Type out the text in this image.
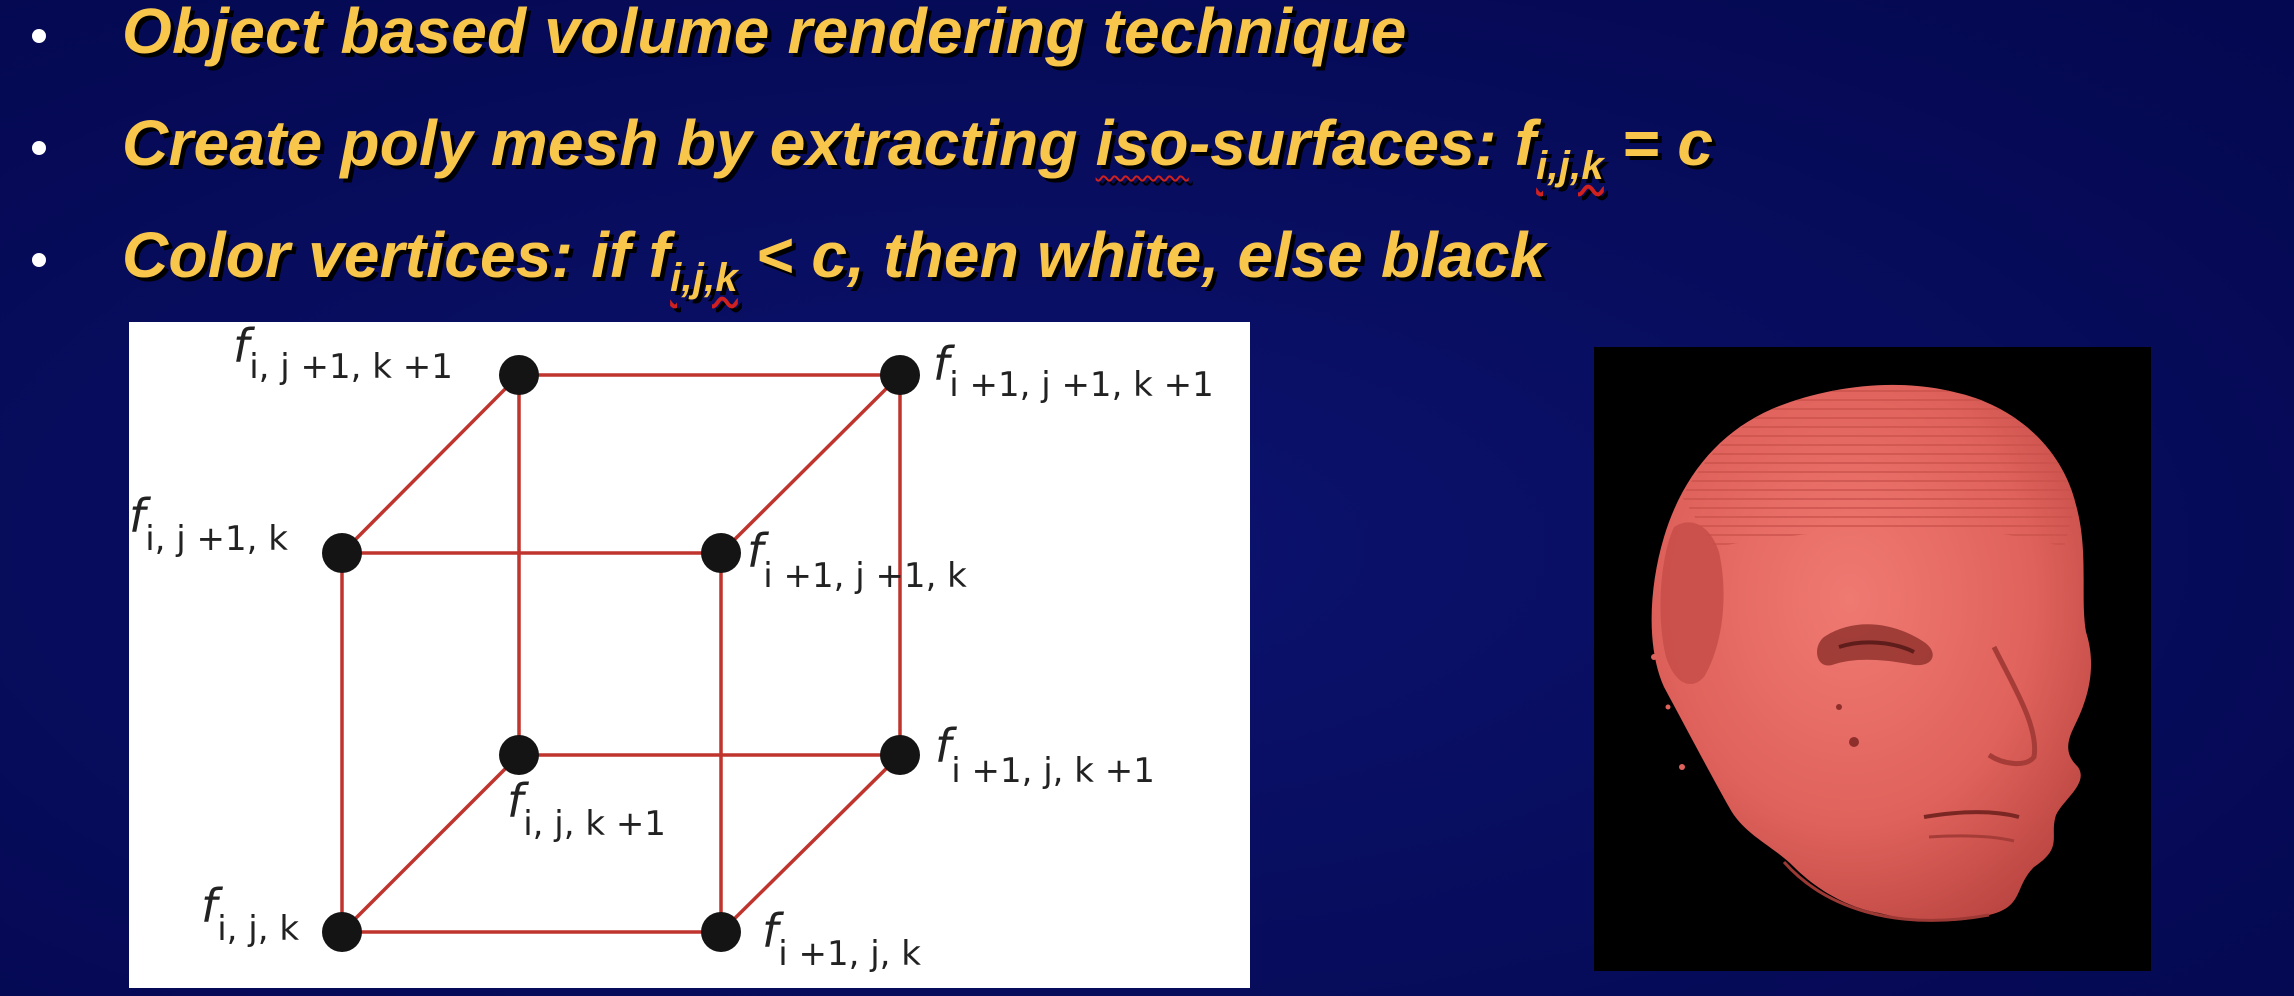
Object based volume rendering technique
Create poly mesh by extracting iso-surfaces: $f_{i,j,k} = c$
Color vertices: if $f_{i,j,k} < c$, then white, else black
fi, j +1, k +1	fi +1, j +1, k +1
fi, j +1, k	fi +1, j +1, k
fi, j, k +1
fi +1, j, k +1
fi, j, k	fi +1, j, k
